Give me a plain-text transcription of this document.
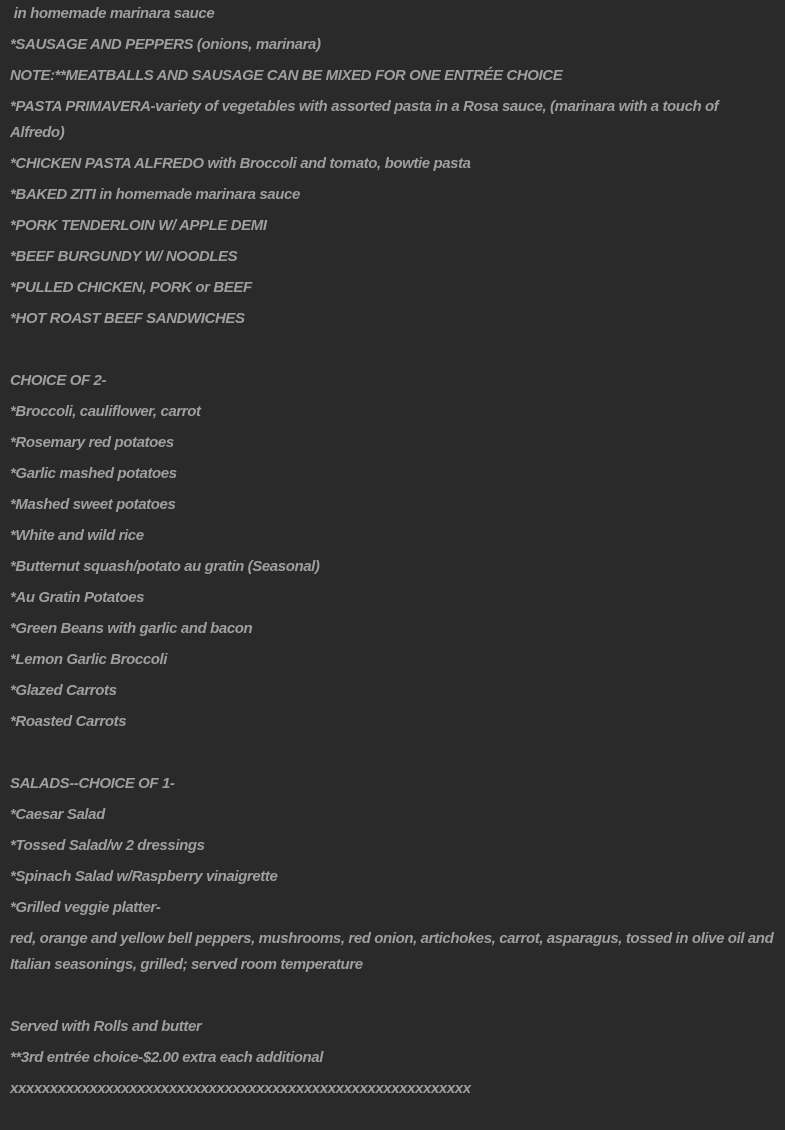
in homemade marinara sauce

*SAUSAGE AND PEPPERS (onions, marinara)

NOTE:**MEATBALLS AND SAUSAGE CAN BE MIXED FOR ONE ENTRÉE CHOICE

*PASTA PRIMAVERA-variety of vegetables with assorted pasta in a Rosa sauce, (marinara with a touch of Alfredo)

*CHICKEN PASTA ALFREDO with Broccoli and tomato, bowtie pasta

*BAKED ZITI in homemade marinara sauce

*PORK TENDERLOIN W/ APPLE DEMI

*BEEF BURGUNDY W/ NOODLES

*PULLED CHICKEN, PORK or BEEF

*HOT ROAST BEEF SANDWICHES

CHOICE OF 2-

*Broccoli, cauliflower, carrot

*Rosemary red potatoes

*Garlic mashed potatoes

*Mashed sweet potatoes

*White and wild rice

*Butternut squash/potato au gratin (Seasonal)

*Au Gratin Potatoes

*Green Beans with garlic and bacon

*Lemon Garlic Broccoli

*Glazed Carrots

*Roasted Carrots

SALADS--CHOICE OF 1-

*Caesar Salad

*Tossed Salad/w 2 dressings

*Spinach Salad w/Raspberry vinaigrette

*Grilled veggie platter-

red, orange and yellow bell peppers, mushrooms, red onion, artichokes, carrot, asparagus, tossed in olive oil and Italian seasonings, grilled; served room temperature

Served with Rolls and butter

**3rd entrée choice-$2.00 extra each additional

xxxxxxxxxxxxxxxxxxxxxxxxxxxxxxxxxxxxxxxxxxxxxxxxxxxxxxxxxx
